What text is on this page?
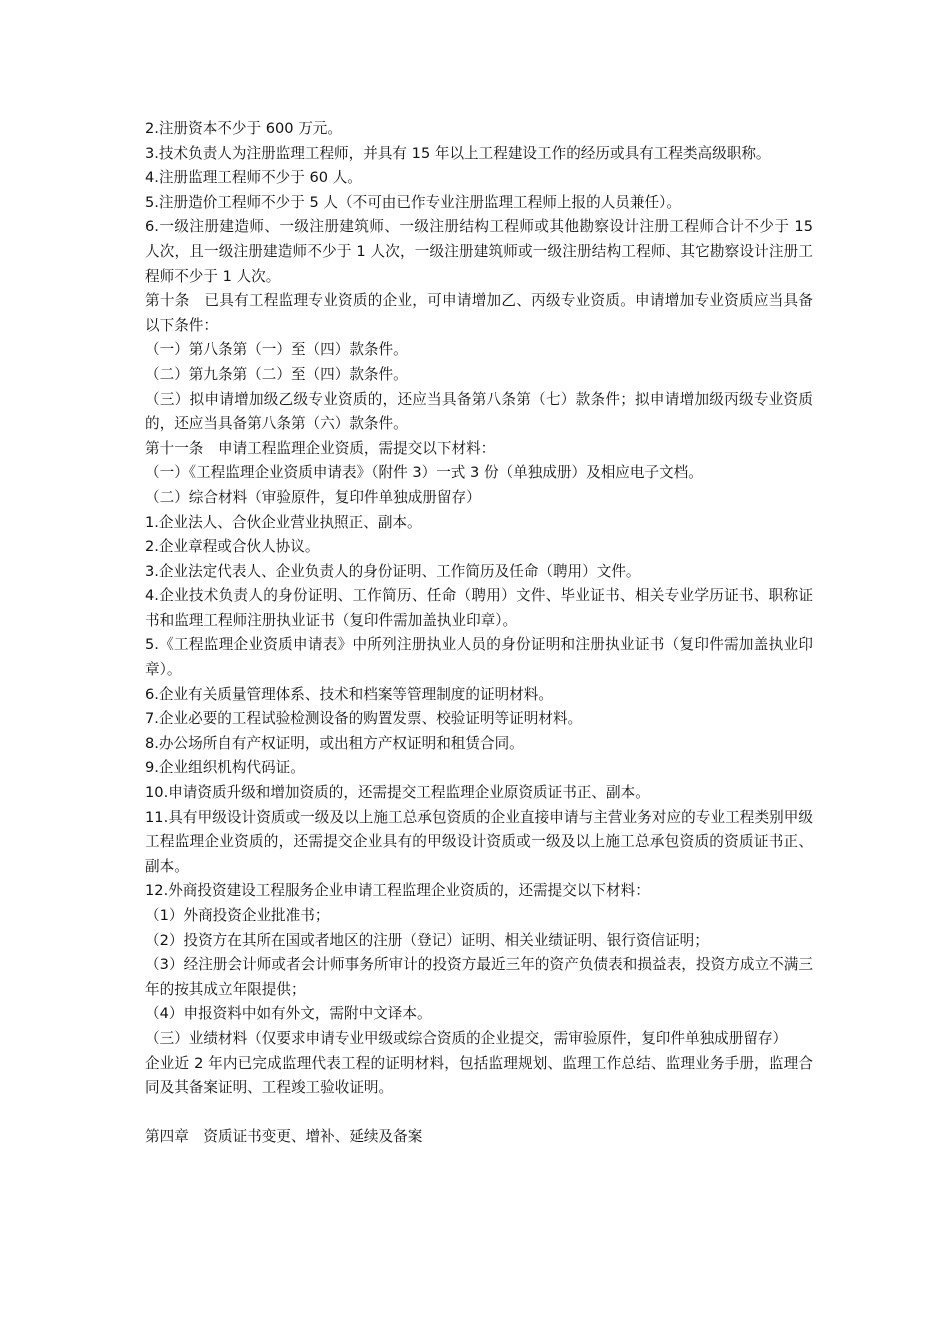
2.注册资本不少于 600 万元。

3.技术负责人为注册监理工程师，并具有 15 年以上工程建设工作的经历或具有工程类高级职称。

4.注册监理工程师不少于 60 人。

5.注册造价工程师不少于 5 人（不可由已作专业注册监理工程师上报的人员兼任）。

6.一级注册建造师、一级注册建筑师、一级注册结构工程师或其他勘察设计注册工程师合计不少于 15 人次，且一级注册建造师不少于 1 人次，一级注册建筑师或一级注册结构工程师、其它勘察设计注册工程师不少于 1 人次。

第十条　已具有工程监理专业资质的企业，可申请增加乙、丙级专业资质。申请增加专业资质应当具备以下条件：

（一）第八条第（一）至（四）款条件。

（二）第九条第（二）至（四）款条件。

（三）拟申请增加级乙级专业资质的，还应当具备第八条第（七）款条件；拟申请增加级丙级专业资质的，还应当具备第八条第（六）款条件。

第十一条　申请工程监理企业资质，需提交以下材料：

（一）《工程监理企业资质申请表》（附件 3）一式 3 份（单独成册）及相应电子文档。

（二）综合材料（审验原件，复印件单独成册留存）

1.企业法人、合伙企业营业执照正、副本。

2.企业章程或合伙人协议。

3.企业法定代表人、企业负责人的身份证明、工作简历及任命（聘用）文件。

4.企业技术负责人的身份证明、工作简历、任命（聘用）文件、毕业证书、相关专业学历证书、职称证书和监理工程师注册执业证书（复印件需加盖执业印章）。

5.《工程监理企业资质申请表》中所列注册执业人员的身份证明和注册执业证书（复印件需加盖执业印章）。

6.企业有关质量管理体系、技术和档案等管理制度的证明材料。

7.企业必要的工程试验检测设备的购置发票、校验证明等证明材料。

8.办公场所自有产权证明，或出租方产权证明和租赁合同。

9.企业组织机构代码证。

10.申请资质升级和增加资质的，还需提交工程监理企业原资质证书正、副本。

11.具有甲级设计资质或一级及以上施工总承包资质的企业直接申请与主营业务对应的专业工程类别甲级工程监理企业资质的，还需提交企业具有的甲级设计资质或一级及以上施工总承包资质的资质证书正、副本。

12.外商投资建设工程服务企业申请工程监理企业资质的，还需提交以下材料：

（1）外商投资企业批准书；

（2）投资方在其所在国或者地区的注册（登记）证明、相关业绩证明、银行资信证明；

（3）经注册会计师或者会计师事务所审计的投资方最近三年的资产负债表和损益表，投资方成立不满三年的按其成立年限提供；

（4）申报资料中如有外文，需附中文译本。

（三）业绩材料（仅要求申请专业甲级或综合资质的企业提交，需审验原件，复印件单独成册留存）

企业近 2 年内已完成监理代表工程的证明材料，包括监理规划、监理工作总结、监理业务手册，监理合同及其备案证明、工程竣工验收证明。

第四章　资质证书变更、增补、延续及备案
